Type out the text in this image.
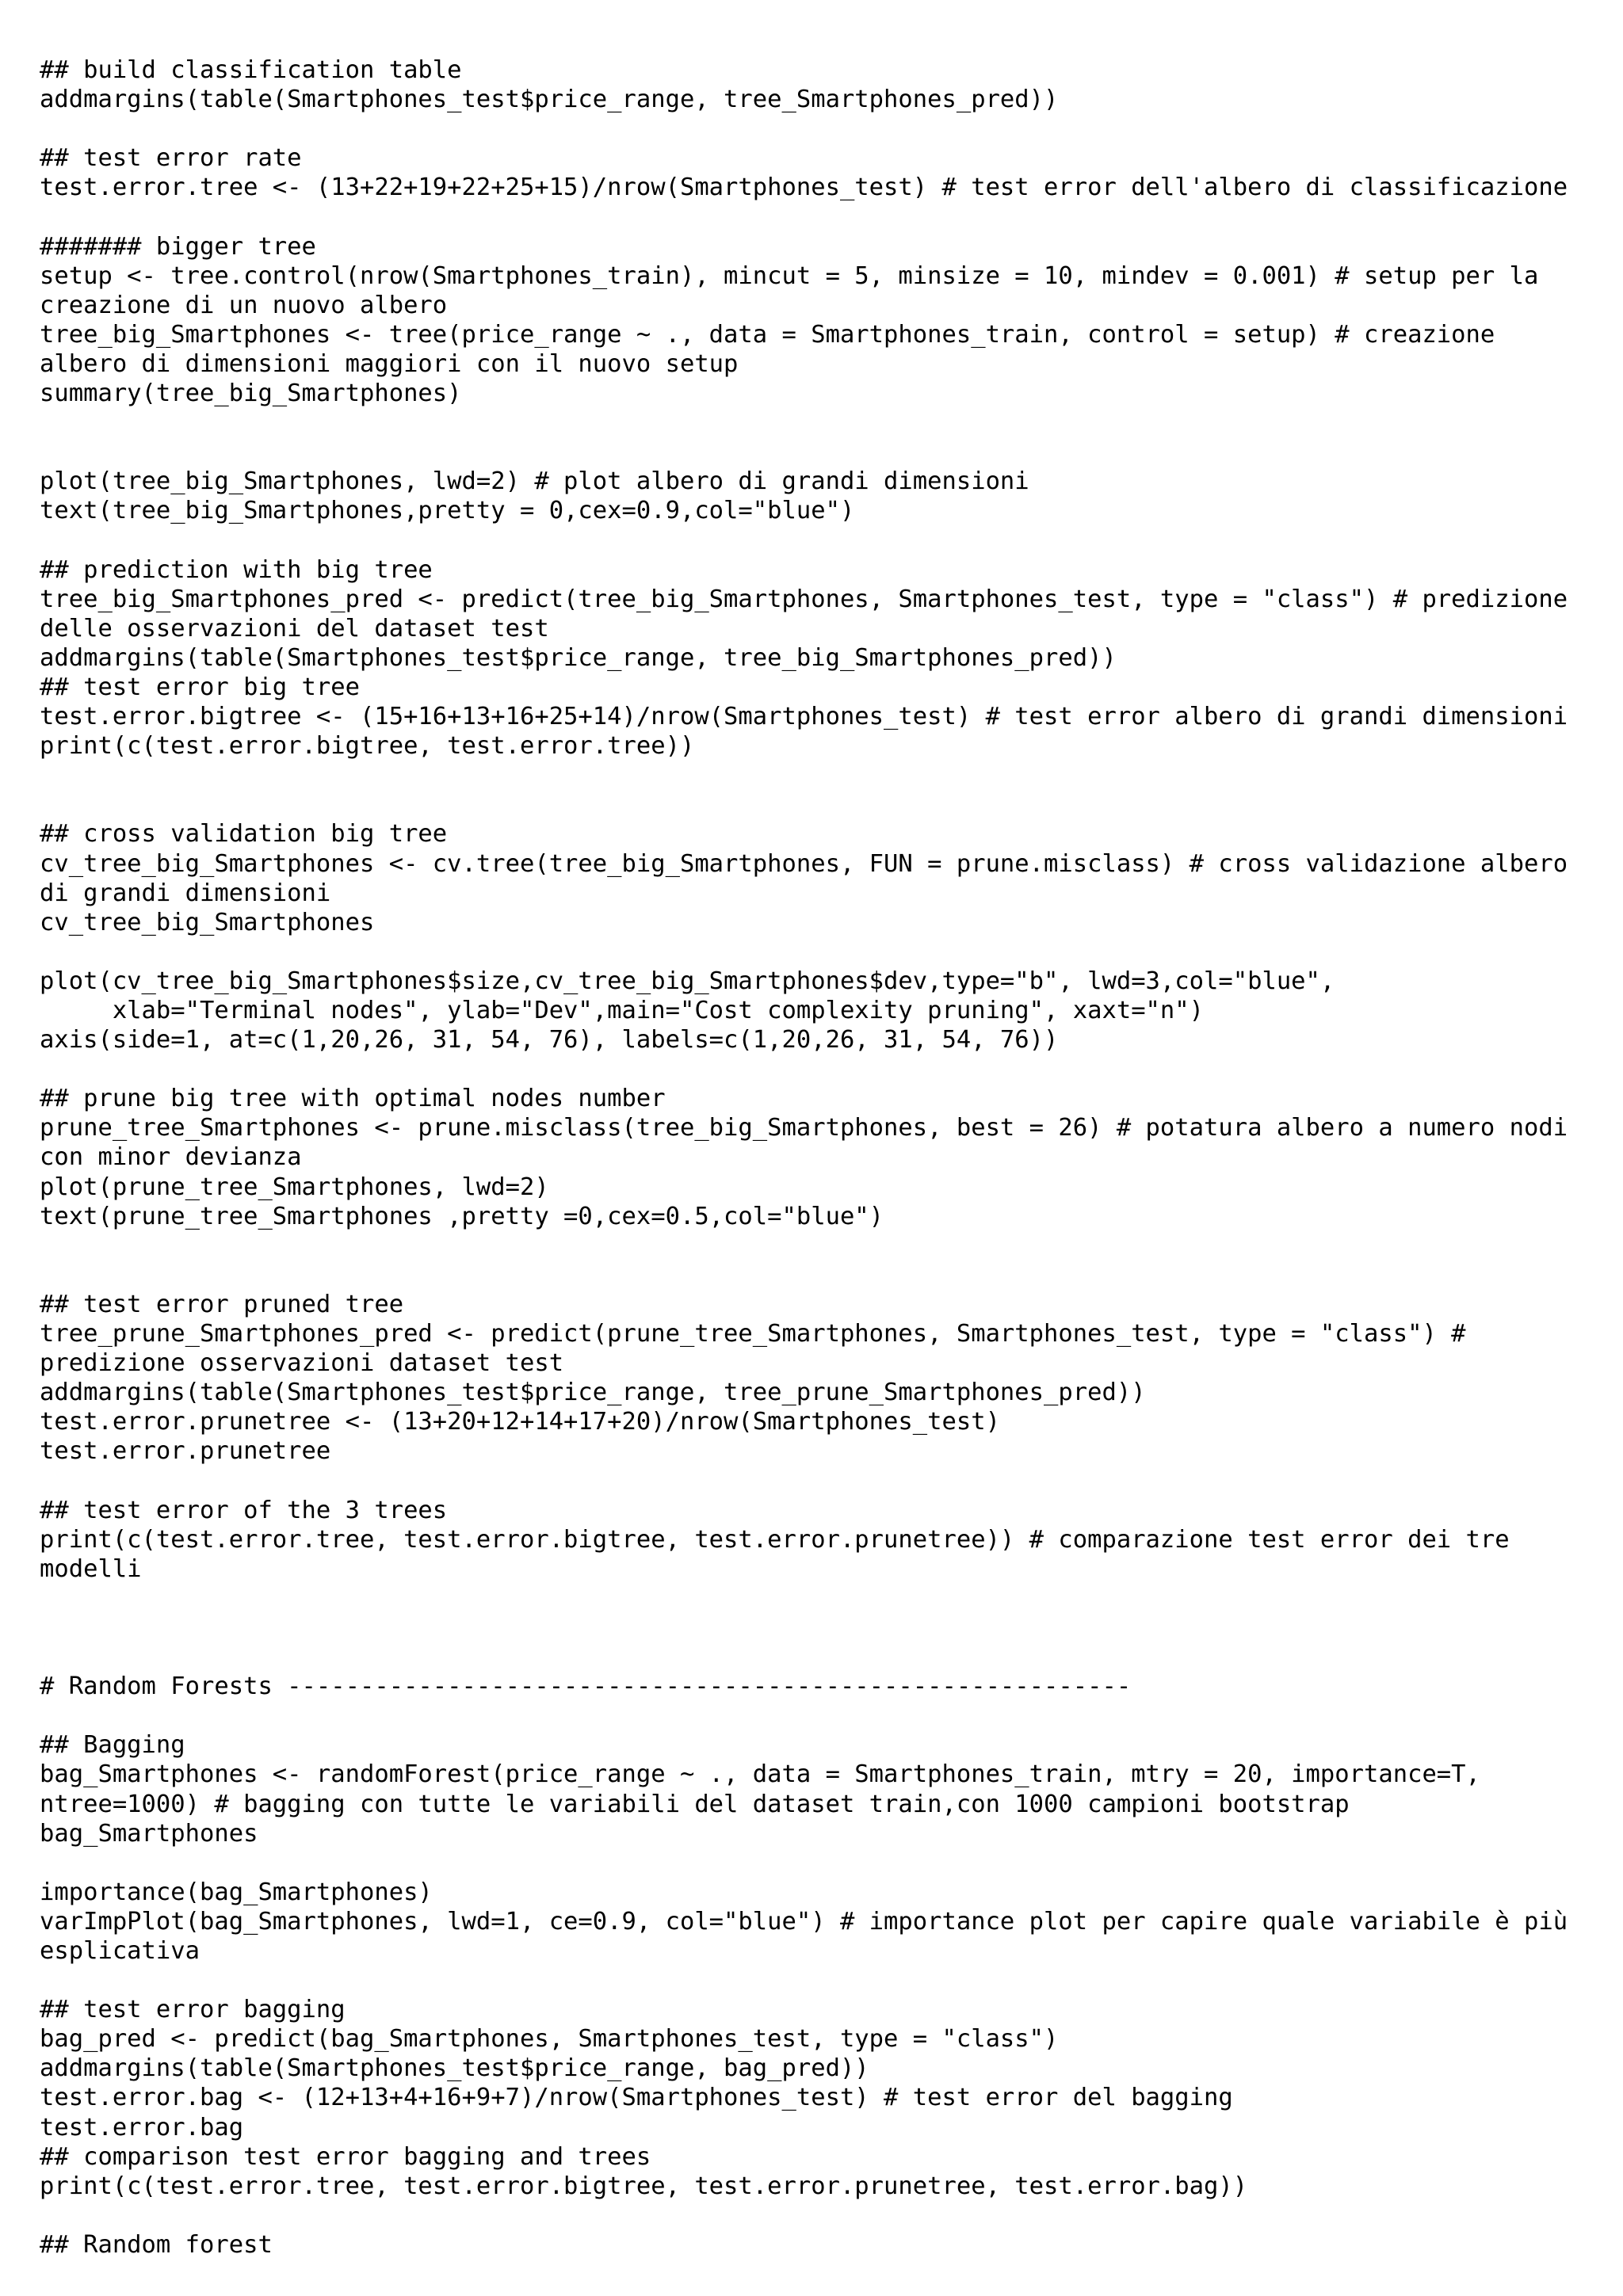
## build classification table
addmargins(table(Smartphones_test$price_range, tree_Smartphones_pred))
## test error rate
test.error.tree <- (13+22+19+22+25+15)/nrow(Smartphones_test) # test error dell'albero di classificazione
####### bigger tree
setup <- tree.control(nrow(Smartphones_train), mincut = 5, minsize = 10, mindev = 0.001) # setup per la
creazione di un nuovo albero
tree_big_Smartphones <- tree(price_range ~ ., data = Smartphones_train, control = setup) # creazione
albero di dimensioni maggiori con il nuovo setup
summary(tree_big_Smartphones)
plot(tree_big_Smartphones, lwd=2) # plot albero di grandi dimensioni
text(tree_big_Smartphones,pretty = 0,cex=0.9,col="blue")
## prediction with big tree
tree_big_Smartphones_pred <- predict(tree_big_Smartphones, Smartphones_test, type = "class") # predizione
delle osservazioni del dataset test
addmargins(table(Smartphones_test$price_range, tree_big_Smartphones_pred))
## test error big tree
test.error.bigtree <- (15+16+13+16+25+14)/nrow(Smartphones_test) # test error albero di grandi dimensioni
print(c(test.error.bigtree, test.error.tree))
## cross validation big tree
cv_tree_big_Smartphones <- cv.tree(tree_big_Smartphones, FUN = prune.misclass) # cross validazione albero
di grandi dimensioni
cv_tree_big_Smartphones
plot(cv_tree_big_Smartphones$size,cv_tree_big_Smartphones$dev,type="b", lwd=3,col="blue",
xlab="Terminal nodes", ylab="Dev",main="Cost complexity pruning", xaxt="n")
axis(side=1, at=c(1,20,26, 31, 54, 76), labels=c(1,20,26, 31, 54, 76))
## prune big tree with optimal nodes number
prune_tree_Smartphones <- prune.misclass(tree_big_Smartphones, best = 26) # potatura albero a numero nodi
con minor devianza
plot(prune_tree_Smartphones, lwd=2)
text(prune_tree_Smartphones ,pretty =0,cex=0.5,col="blue")
## test error pruned tree
tree_prune_Smartphones_pred <- predict(prune_tree_Smartphones, Smartphones_test, type = "class") #
predizione osservazioni dataset test
addmargins(table(Smartphones_test$price_range, tree_prune_Smartphones_pred))
test.error.prunetree <- (13+20+12+14+17+20)/nrow(Smartphones_test)
test.error.prunetree
## test error of the 3 trees
print(c(test.error.tree, test.error.bigtree, test.error.prunetree)) # comparazione test error dei tre
modelli
# Random Forests ----------------------------------------------------------
## Bagging
bag_Smartphones <- randomForest(price_range ~ ., data = Smartphones_train, mtry = 20, importance=T,
ntree=1000) # bagging con tutte le variabili del dataset train,con 1000 campioni bootstrap
bag_Smartphones
importance(bag_Smartphones)
varImpPlot(bag_Smartphones, lwd=1, ce=0.9, col="blue") # importance plot per capire quale variabile è più
esplicativa
## test error bagging
bag_pred <- predict(bag_Smartphones, Smartphones_test, type = "class")
addmargins(table(Smartphones_test$price_range, bag_pred))
test.error.bag <- (12+13+4+16+9+7)/nrow(Smartphones_test) # test error del bagging
test.error.bag
## comparison test error bagging and trees
print(c(test.error.tree, test.error.bigtree, test.error.prunetree, test.error.bag))
## Random forest
